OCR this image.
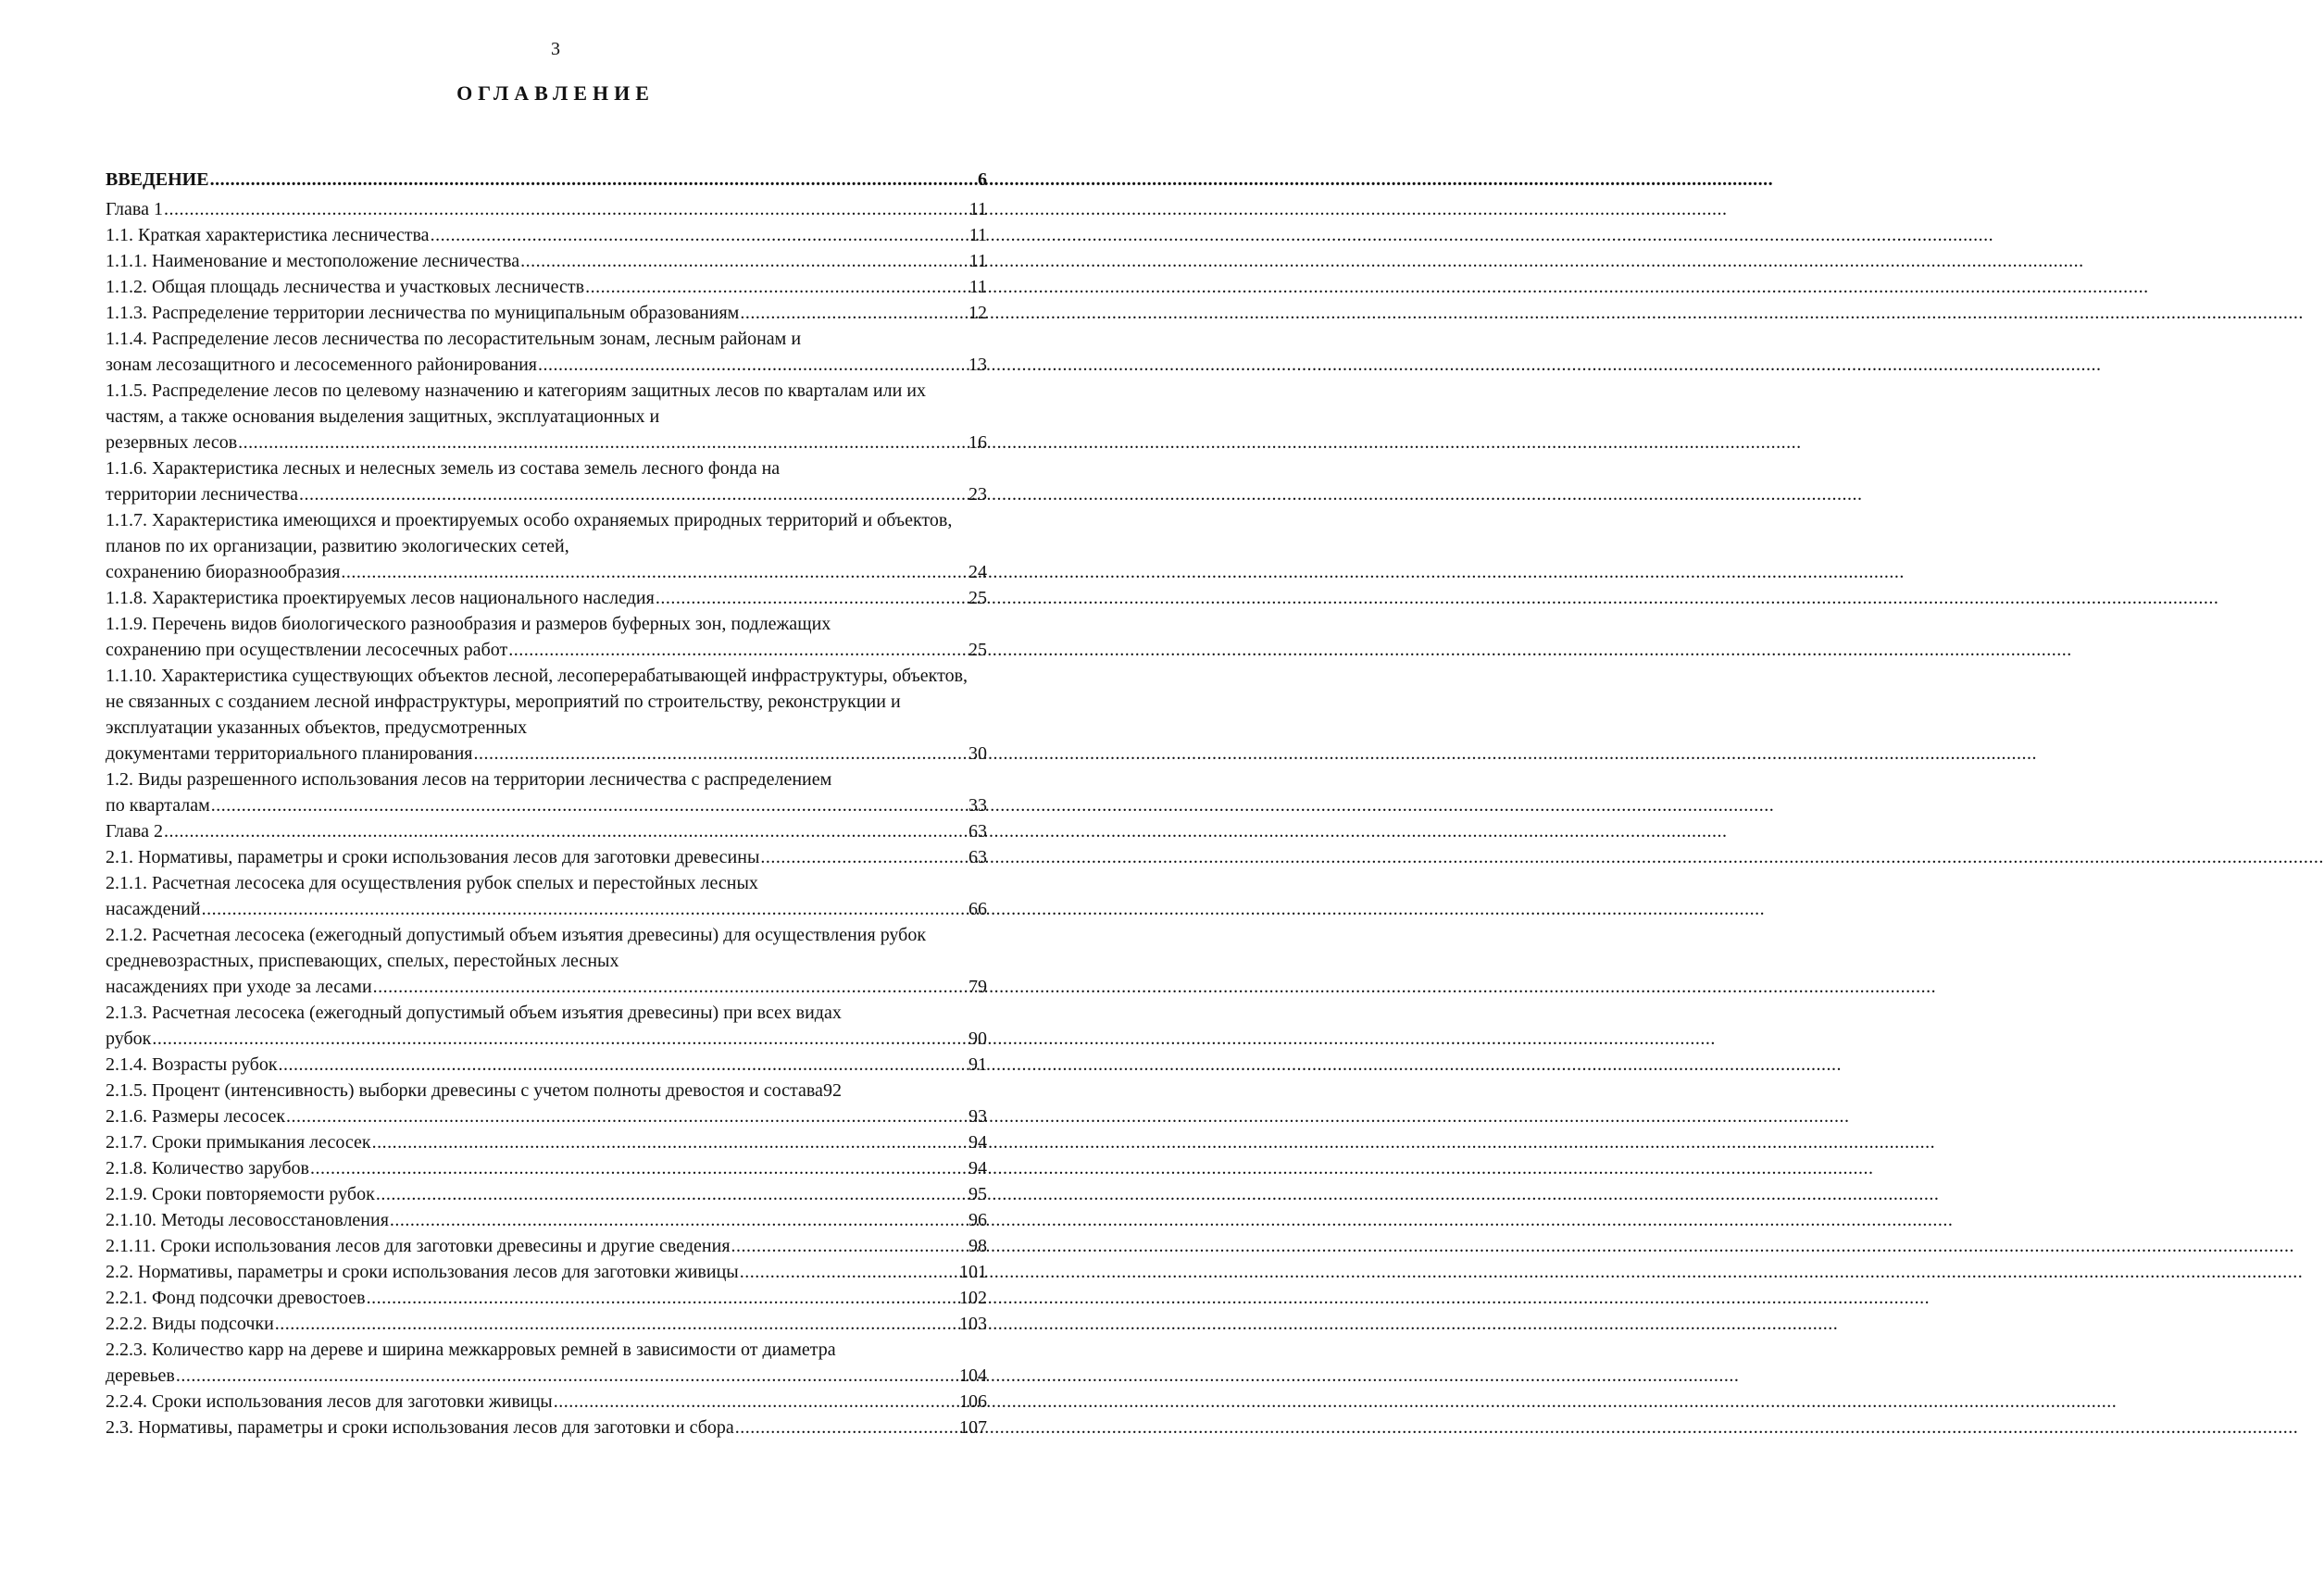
3
ОГЛАВЛЕНИЕ
ВВЕДЕНИЕ .....	6
Глава 1 .....	11
1.1. Краткая характеристика лесничества .....	11
1.1.1. Наименование и местоположение лесничества .....	11
1.1.2. Общая площадь лесничества и участковых лесничеств .....	11
1.1.3. Распределение территории лесничества по муниципальным образованиям .....	12
1.1.4. Распределение лесов лесничества по лесорастительным зонам, лесным районам и
зонам лесозащитного и лесосеменного районирования .....	13
1.1.5. Распределение лесов по целевому назначению и категориям защитных лесов по кварталам или их частям, а также основания выделения защитных, эксплуатационных и
резервных лесов .....	16
1.1.6. Характеристика лесных и нелесных земель из состава земель лесного фонда на
территории лесничества .....	23
1.1.7. Характеристика имеющихся и проектируемых особо охраняемых природных территорий и объектов, планов по их организации, развитию экологических сетей,
сохранению биоразнообразия .....	24
1.1.8. Характеристика проектируемых лесов национального наследия .....	25
1.1.9. Перечень видов биологического разнообразия и размеров буферных зон, подлежащих
сохранению при осуществлении лесосечных работ .....	25
1.1.10. Характеристика существующих объектов лесной, лесоперерабатывающей инфраструктуры, объектов, не связанных с созданием лесной инфраструктуры, мероприятий по строительству, реконструкции и эксплуатации указанных объектов, предусмотренных
документами территориального планирования .....	30
1.2. Виды разрешенного использования лесов на территории лесничества с распределением
по кварталам .....	33
Глава 2 .....	63
2.1. Нормативы, параметры и сроки использования лесов для заготовки древесины .....	63
2.1.1. Расчетная лесосека для осуществления рубок спелых и перестойных лесных
насаждений .....	66
2.1.2. Расчетная лесосека (ежегодный допустимый объем изъятия древесины) для осуществления рубок средневозрастных, приспевающих, спелых, перестойных лесных
насаждениях при уходе за лесами .....	79
2.1.3. Расчетная лесосека (ежегодный допустимый объем изъятия древесины) при всех видах
рубок .....	90
2.1.4. Возрасты рубок .....	91
2.1.5. Процент (интенсивность) выборки древесины с учетом полноты древостоя и состава 92
2.1.6. Размеры лесосек .....	93
2.1.7. Сроки примыкания лесосек .....	94
2.1.8. Количество зарубов .....	94
2.1.9. Сроки повторяемости рубок .....	95
2.1.10. Методы лесовосстановления .....	96
2.1.11. Сроки использования лесов для заготовки древесины и другие сведения .....	98
2.2. Нормативы, параметры и сроки использования лесов для заготовки живицы .....	101
2.2.1. Фонд подсочки древостоев .....	102
2.2.2. Виды подсочки .....	103
2.2.3. Количество карр на дереве и ширина межкарровых ремней в зависимости от диаметра
деревьев .....	104
2.2.4. Сроки использования лесов для заготовки живицы .....	106
2.3. Нормативы, параметры и сроки использования лесов для заготовки и сбора .....	107
